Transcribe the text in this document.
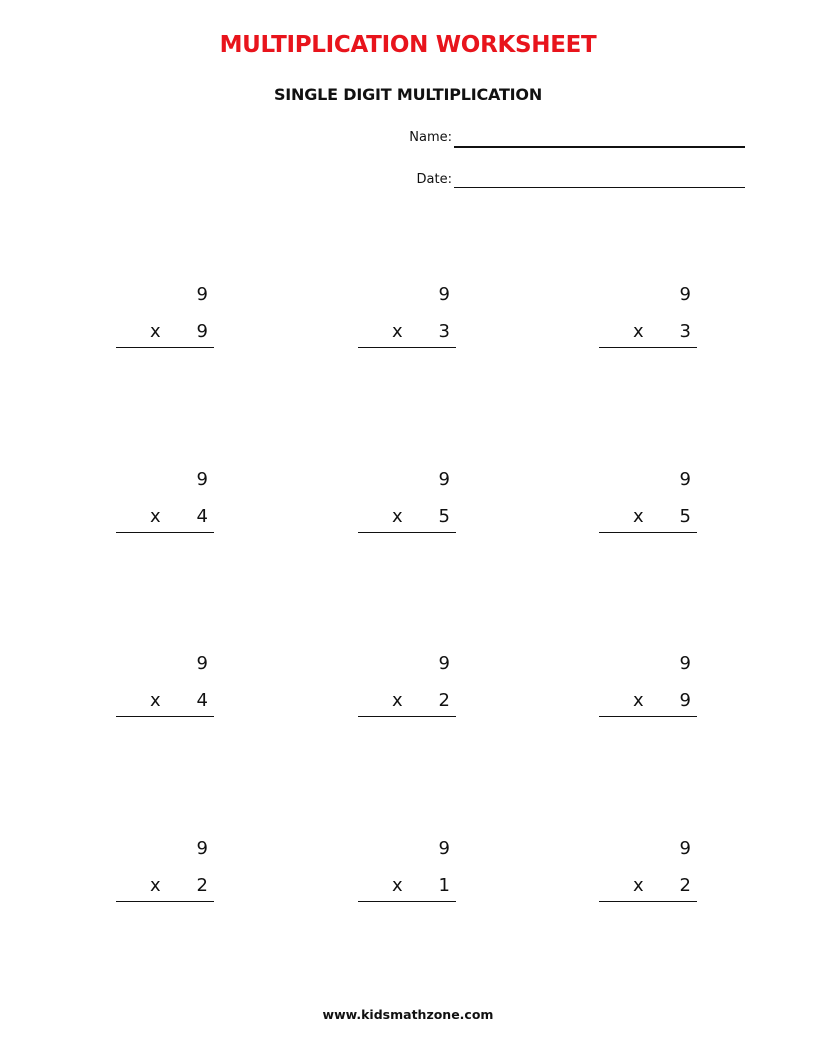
MULTIPLICATION WORKSHEET
SINGLE DIGIT MULTIPLICATION
Name:
Date:
9
x 9
9
x 3
9
x 3
9
x 4
9
x 5
9
x 5
9
x 4
9
x 2
9
x 9
9
x 2
9
x 1
9
x 2
www.kidsmathzone.com
